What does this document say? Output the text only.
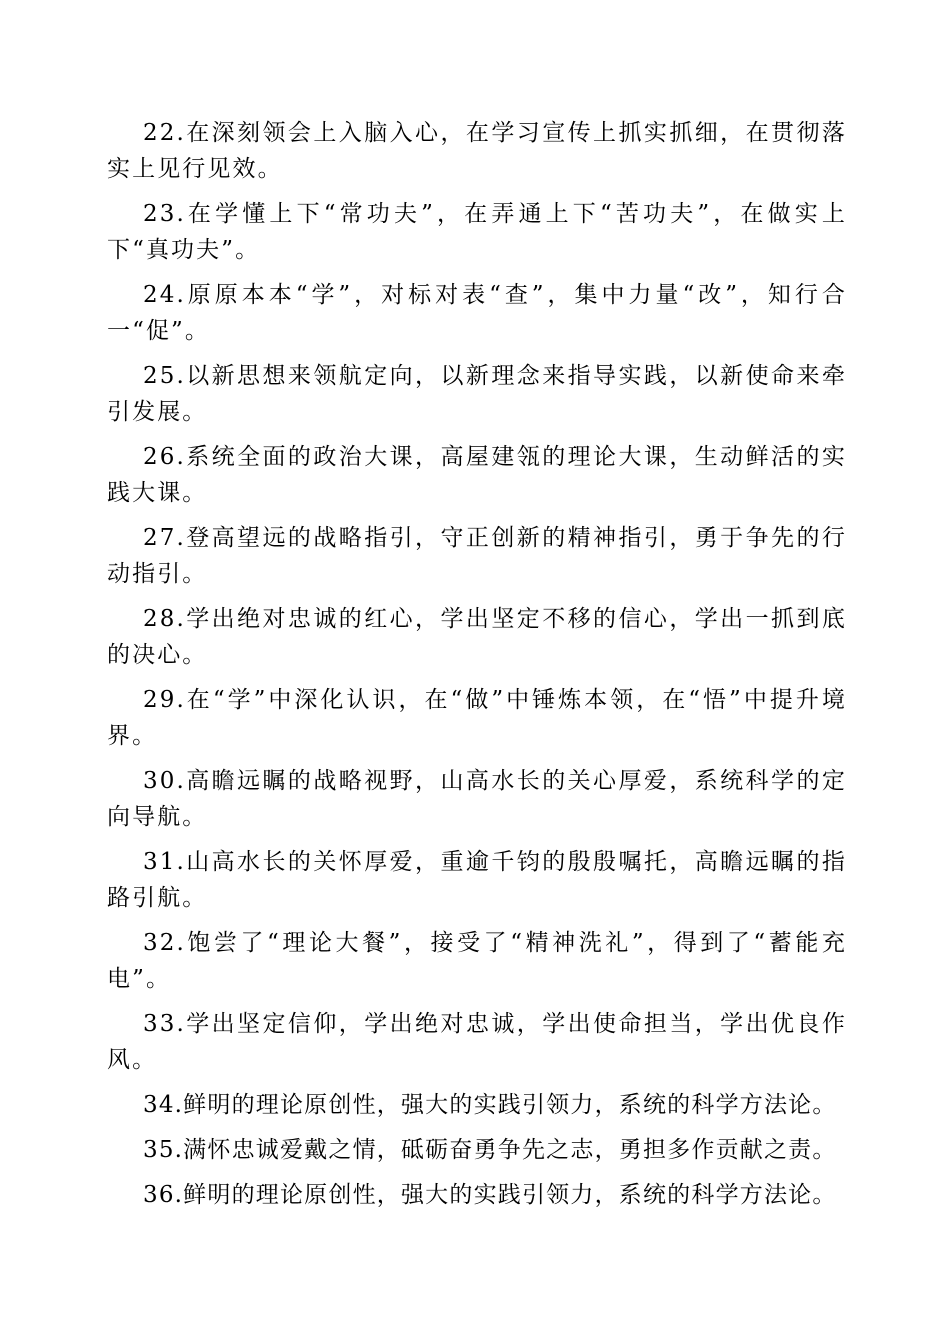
22.在深刻领会上入脑入心，在学习宣传上抓实抓细，在贯彻落实上见行见效。

23.在学懂上下“常功夫”，在弄通上下“苦功夫”，在做实上下“真功夫”。

24.原原本本“学”，对标对表“查”，集中力量“改”，知行合一“促”。

25.以新思想来领航定向，以新理念来指导实践，以新使命来牵引发展。

26.系统全面的政治大课，高屋建瓴的理论大课，生动鲜活的实践大课。

27.登高望远的战略指引，守正创新的精神指引，勇于争先的行动指引。

28.学出绝对忠诚的红心，学出坚定不移的信心，学出一抓到底的决心。

29.在“学”中深化认识，在“做”中锤炼本领，在“悟”中提升境界。

30.高瞻远瞩的战略视野，山高水长的关心厚爱，系统科学的定向导航。

31.山高水长的关怀厚爱，重逾千钧的殷殷嘱托，高瞻远瞩的指路引航。

32.饱尝了“理论大餐”，接受了“精神洗礼”，得到了“蓄能充电”。

33.学出坚定信仰，学出绝对忠诚，学出使命担当，学出优良作风。

34.鲜明的理论原创性，强大的实践引领力，系统的科学方法论。

35.满怀忠诚爱戴之情，砥砺奋勇争先之志，勇担多作贡献之责。

36.鲜明的理论原创性，强大的实践引领力，系统的科学方法论。
